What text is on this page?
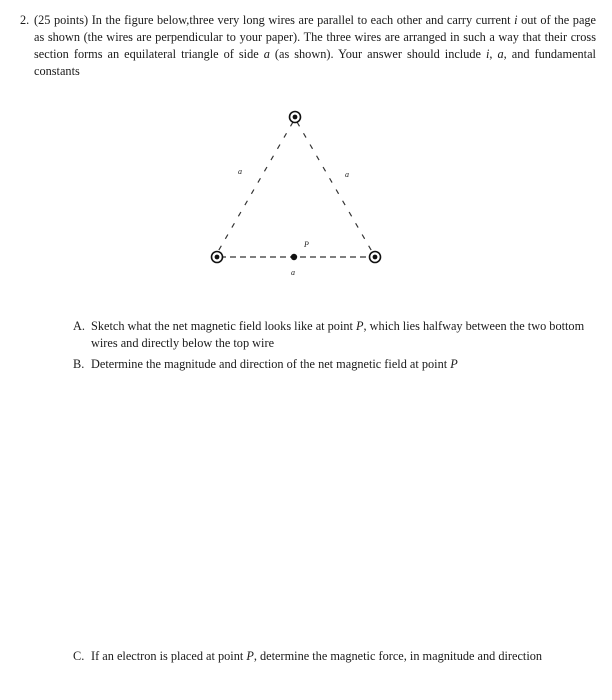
2. (25 points) In the figure below,three very long wires are parallel to each other and carry current i out of the page as shown (the wires are perpendicular to your paper). The three wires are arranged in such a way that their cross section forms an equilateral triangle of side a (as shown). Your answer should include i, a, and fundamental constants
a	a
P
a
A. Sketch what the net magnetic field looks like at point P, which lies halfway between the two bottom wires and directly below the top wire
B. Determine the magnitude and direction of the net magnetic field at point P
C. If an electron is placed at point P, determine the magnetic force, in magnitude and direction
